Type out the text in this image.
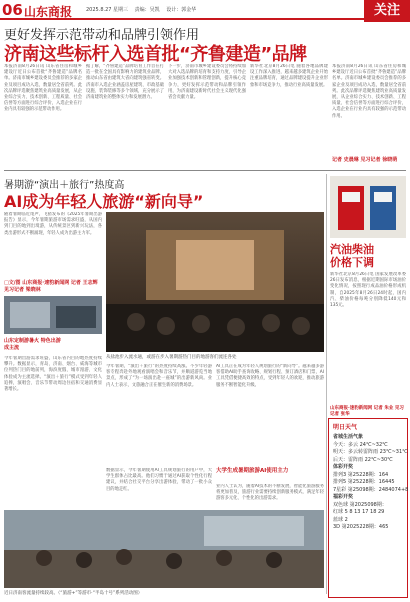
06 山东商报	2025.8.27 星期三 责编：吴凯 设计：郭金华	关注
更好发挥示范带动和品牌引领作用
济南这些标杆入选首批“齐鲁建造”品牌
本报济南8月26日讯 山东省住房和城乡建设厅近日公布首批“齐鲁建造”品牌名单。济南市城乡建设委员会推荐的多家企业及项目成功入选，数量居全省前列。此次品牌评选聚焦建筑业高质量发展，从企业综合实力、技术创新、工程质量、社会信誉等方面进行综合评价，入选企业在行业内具有较强的示范带动作用。
据了解，“齐鲁建造”品牌培育工作旨在打造一批在全国具有影响力的建筑业品牌，推动山东省由建筑大省向建筑强省转变。济南市入选企业涵盖房屋建筑、市政基础设施、装饰装修等多个领域，充分展示了济南建筑业的整体实力和发展潜力。
下一步，济南市城乡建设委员会将持续加大对入选品牌的培育和支持力度，引导企业加强技术创新和管理创新，提升核心竞争力，更好发挥示范带动和品牌引领作用，为济南建设新时代社会主义现代化强省会贡献力量。
新华社北京8月26日电 随着各地品牌建设工作深入推进，越来越多建筑企业开始注重品牌培育，通过品牌建设提升企业形象和市场竞争力，推动行业高质量发展。
本报济南8月26日讯 山东省住房和城乡建设厅近日公布首批“齐鲁建造”品牌名单。济南市城乡建设委员会推荐的多家企业及项目成功入选，数量居全省前列。此次品牌评选聚焦建筑业高质量发展，从企业综合实力、技术创新、工程质量、社会信誉等方面进行综合评价，入选企业在行业内具有较强的示范带动作用。
记者 史晨琳 见习记者 徐晓萌
暑期游“演出＋旅行”热度高
AI成为年轻人旅游“新向导”
随着暑期临近尾声，飞猪发布的《2025年暑期出游报告》显示，今年暑期旅游市场需求旺盛，从国内到门目的地到出境游，从传统景区到新兴玩法，各类出游形式不断涌现，年轻人成为出游主力军。
□文/图 山东商报·速豹新闻网 记者 王志辉 见习记者 梁晓林
从盐池步入流水通，或游在步入暑期游热门目的地游客们流连各处
山东定制游暑火 特色出游成主流
今年暑期出游需求旺盛，山东省内目的地热度持续攀升。数据显示，青岛、济南、烟台、威海等城市位列热门目的地前列，海滨度假、城市漫游、文化体验成为主流选择。“演出＋旅行”模式受到年轻人追捧，演唱会、音乐节带动周边住宿和交通消费显著增长。
今年暑期，“演出＋旅行”的热度持续高涨。不少年轻游客专程奔赴外地观看演唱会和音乐节，并顺道游览当地景点，形成了“为一场演出赴一座城”的出游新风尚。业内人士表示，文旅融合正在催生新的消费场景。
AI工具正在成为年轻人规划旅行的“新向导”。越来越多游客借助AI助手查询攻略、规划行程、预订酒店和门票，AI工具凭借便捷高效的特点，受到年轻人的欢迎，推动旅游服务不断智能化升级。
大学生成暑期旅游AI使用主力
数据显示，今年暑期使用AI工具规划旅行的用户中，大学生群体占比最高。他们习惯于通过AI获取个性化行程建议，并结合社交平台分享出游体验，带动了一批小众目的地走红。
业内人士认为，随着AI技术的不断发展，智能化旅游服务将更加普及，旅游行业需要持续创新服务模式，满足年轻游客多元化、个性化的出游需求。
近日济南客流量持续较高。（“旅游+”等游市·“半岛十号”系列活动图）
汽油柴油
价格下调
新华社北京8月26日电 国家发展改革委26日发布消息，根据近期国际市场油价变化情况，按照现行成品油价格形成机制，自2025年8月26日24时起，国内汽、柴油价格每吨分别降低140元和135元。
山东商报·速豹新闻网 记者 朱业 见习记者 张华
明日天气
省城生活气象
今天：多云 24℃~32℃
明天：多云转雷阵雨 23℃~31℃
后天：雷阵雨 22℃~30℃
体彩开奖
排列3 第25228期：164
排列5 第25228期：16445
7星彩 第25098期：2484074+8
福彩开奖
双色球 第2025098期：
红球 5 8 13 17 18 29
蓝球 2
3D 第2025228期：465
